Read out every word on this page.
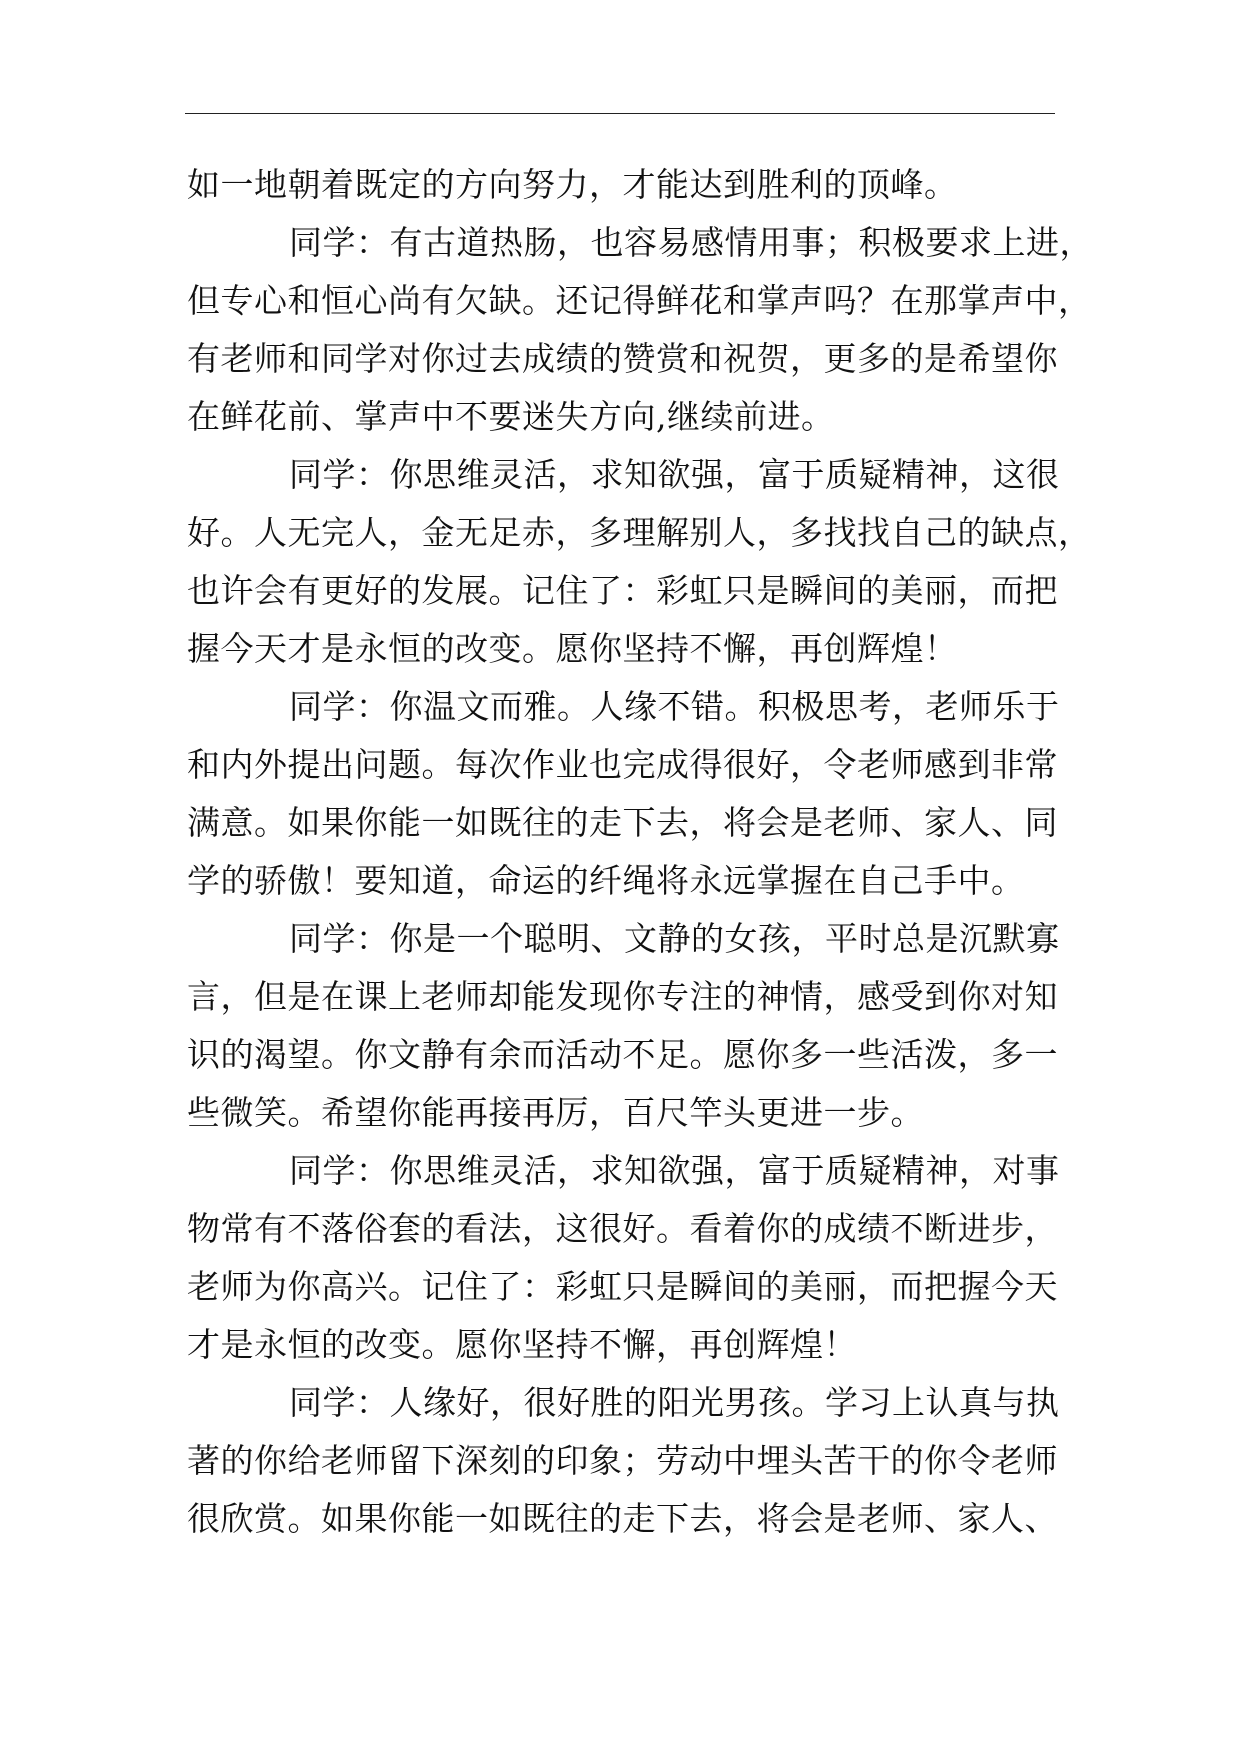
如一地朝着既定的方向努力，才能达到胜利的顶峰。
同学：有古道热肠，也容易感情用事；积极要求上进，
但专心和恒心尚有欠缺。还记得鲜花和掌声吗？在那掌声中，
有老师和同学对你过去成绩的赞赏和祝贺，更多的是希望你
在鲜花前、掌声中不要迷失方向,继续前进。
同学：你思维灵活，求知欲强，富于质疑精神，这很
好。人无完人，金无足赤，多理解别人，多找找自己的缺点，
也许会有更好的发展。记住了：彩虹只是瞬间的美丽，而把
握今天才是永恒的改变。愿你坚持不懈，再创辉煌！
同学：你温文而雅。人缘不错。积极思考，老师乐于
和内外提出问题。每次作业也完成得很好，令老师感到非常
满意。如果你能一如既往的走下去，将会是老师、家人、同
学的骄傲！要知道，命运的纤绳将永远掌握在自己手中。
同学：你是一个聪明、文静的女孩，平时总是沉默寡
言，但是在课上老师却能发现你专注的神情，感受到你对知
识的渴望。你文静有余而活动不足。愿你多一些活泼，多一
些微笑。希望你能再接再厉，百尺竿头更进一步。
同学：你思维灵活，求知欲强，富于质疑精神，对事
物常有不落俗套的看法，这很好。看着你的成绩不断进步，
老师为你高兴。记住了：彩虹只是瞬间的美丽，而把握今天
才是永恒的改变。愿你坚持不懈，再创辉煌！
同学：人缘好，很好胜的阳光男孩。学习上认真与执
著的你给老师留下深刻的印象；劳动中埋头苦干的你令老师
很欣赏。如果你能一如既往的走下去，将会是老师、家人、
